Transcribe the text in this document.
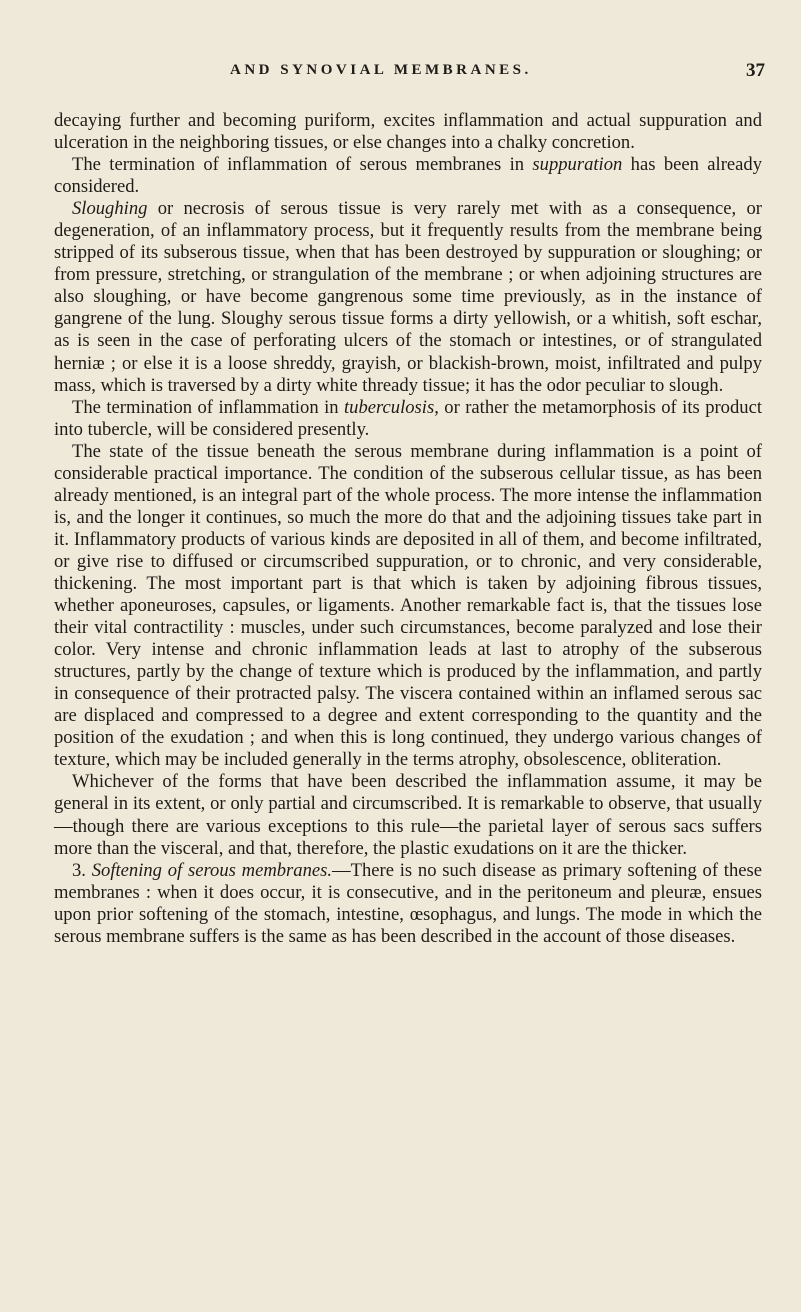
AND SYNOVIAL MEMBRANES.	37

decaying further and becoming puriform, excites inflammation and actual suppuration and ulceration in the neighboring tissues, or else changes into a chalky concretion.

The termination of inflammation of serous membranes in suppuration has been already considered.

Sloughing or necrosis of serous tissue is very rarely met with as a consequence, or degeneration, of an inflammatory process, but it frequently results from the membrane being stripped of its subserous tissue, when that has been destroyed by suppuration or sloughing; or from pressure, stretching, or strangulation of the membrane ; or when adjoining structures are also sloughing, or have become gangrenous some time previously, as in the instance of gangrene of the lung. Sloughy serous tissue forms a dirty yellowish, or a whitish, soft eschar, as is seen in the case of perforating ulcers of the stomach or intestines, or of strangulated herniæ ; or else it is a loose shreddy, grayish, or blackish-brown, moist, infiltrated and pulpy mass, which is traversed by a dirty white thready tissue; it has the odor peculiar to slough.

The termination of inflammation in tuberculosis, or rather the metamorphosis of its product into tubercle, will be considered presently.

The state of the tissue beneath the serous membrane during inflammation is a point of considerable practical importance. The condition of the subserous cellular tissue, as has been already mentioned, is an integral part of the whole process. The more intense the inflammation is, and the longer it continues, so much the more do that and the adjoining tissues take part in it. Inflammatory products of various kinds are deposited in all of them, and become infiltrated, or give rise to diffused or circumscribed suppuration, or to chronic, and very considerable, thickening. The most important part is that which is taken by adjoining fibrous tissues, whether aponeuroses, capsules, or ligaments. Another remarkable fact is, that the tissues lose their vital contractility : muscles, under such circumstances, become paralyzed and lose their color. Very intense and chronic inflammation leads at last to atrophy of the subserous structures, partly by the change of texture which is produced by the inflammation, and partly in consequence of their protracted palsy. The viscera contained within an inflamed serous sac are displaced and compressed to a degree and extent corresponding to the quantity and the position of the exudation ; and when this is long continued, they undergo various changes of texture, which may be included generally in the terms atrophy, obsolescence, obliteration.

Whichever of the forms that have been described the inflammation assume, it may be general in its extent, or only partial and circumscribed. It is remarkable to observe, that usually—though there are various exceptions to this rule—the parietal layer of serous sacs suffers more than the visceral, and that, therefore, the plastic exudations on it are the thicker.

3. Softening of serous membranes.—There is no such disease as primary softening of these membranes : when it does occur, it is consecutive, and in the peritoneum and pleuræ, ensues upon prior softening of the stomach, intestine, œsophagus, and lungs. The mode in which the serous membrane suffers is the same as has been described in the account of those diseases.
